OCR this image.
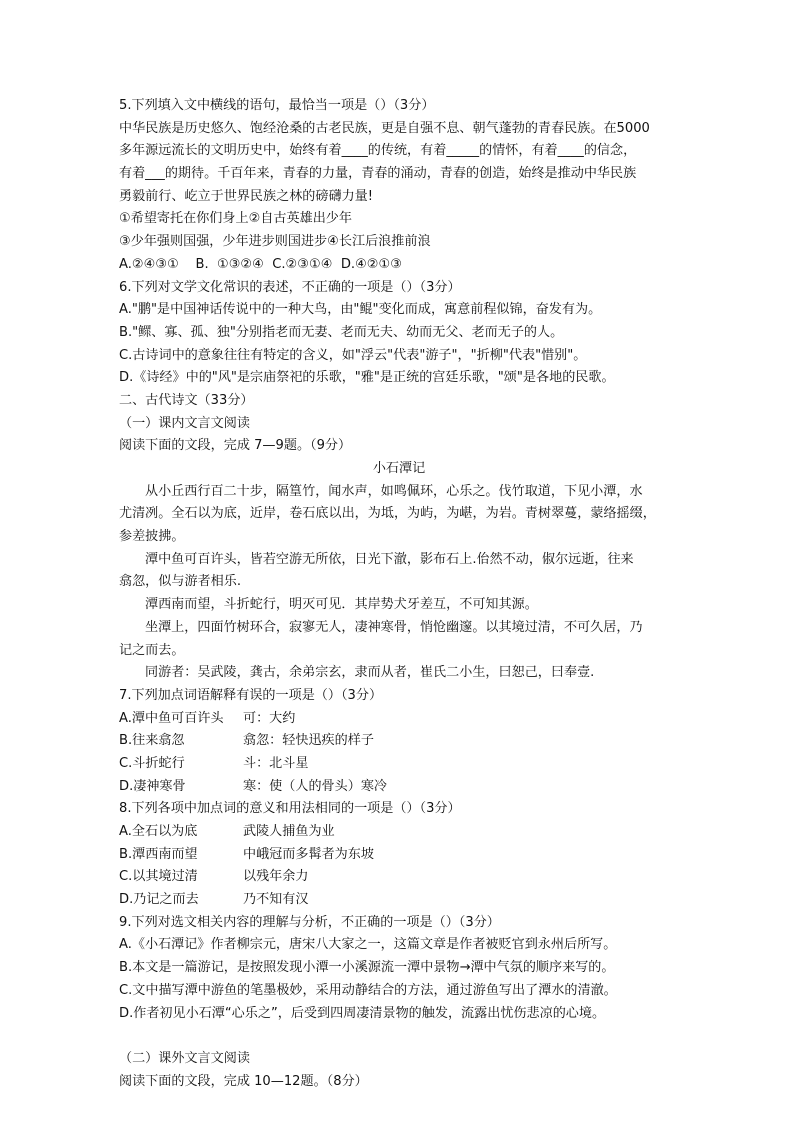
5.下列填入文中横线的语句，最恰当一项是（）（3分）
中华民族是历史悠久、饱经沧桑的古老民族，更是自强不息、朝气蓬勃的青春民族。在5000
多年源远流长的文明历史中，始终有着____的传统，有着_____的情怀，有着____的信念，
有着___的期待。千百年来，青春的力量，青春的涌动，青春的创造，始终是推动中华民族
勇毅前行、屹立于世界民族之林的磅礴力量!
①希望寄托在你们身上②自古英雄出少年
③少年强则国强，少年进步则国进步④长江后浪推前浪
A.②④③①    B.  ①③②④  C.②③①④  D.④②①③
6.下列对文学文化常识的表述，不正确的一项是（）（3分）
A."鹏"是中国神话传说中的一种大鸟，由"鲲"变化而成，寓意前程似锦，奋发有为。
B."鳏、寡、孤、独"分别指老而无妻、老而无夫、幼而无父、老而无子的人。
C.古诗词中的意象往往有特定的含义，如"浮云"代表"游子"，"折柳"代表"惜别"。
D.《诗经》中的"风"是宗庙祭祀的乐歌，"雅"是正统的宫廷乐歌，"颂"是各地的民歌。
二、古代诗文（33分）
（一）课内文言文阅读
阅读下面的文段，完成 7—9题。（9分）
小石潭记
从小丘西行百二十步，隔篁竹，闻水声，如鸣佩环，心乐之。伐竹取道，下见小潭，水
尤清冽。全石以为底，近岸，卷石底以出，为坻，为屿，为嵁，为岩。青树翠蔓，蒙络摇缀，
参差披拂。
潭中鱼可百许头，皆若空游无所依，日光下澈，影布石上.佁然不动，俶尔远逝，往来
翕忽，似与游者相乐.
潭西南而望，斗折蛇行，明灭可见．其岸势犬牙差互，不可知其源。
坐潭上，四面竹树环合，寂寥无人，凄神寒骨，悄怆幽邃。以其境过清，不可久居，乃
记之而去。
同游者：吴武陵，龚古，余弟宗玄，隶而从者，崔氏二小生，曰恕己，曰奉壹.
7.下列加点词语解释有误的一项是（）（3分）
A.潭中鱼可百许头 可：大约
B.往来翕忽	翕忽：轻快迅疾的样子
C.斗折蛇行	斗：北斗星
D.凄神寒骨	寒：使（人的骨头）寒冷
8.下列各项中加点词的意义和用法相同的一项是（）（3分）
A.全石以为底	武陵人捕鱼为业
B.潭西南而望	中峨冠而多髯者为东坡
C.以其境过清	以残年余力
D.乃记之而去	乃不知有汉
9.下列对选文相关内容的理解与分析，不正确的一项是（）（3分）
A.《小石潭记》作者柳宗元，唐宋八大家之一，这篇文章是作者被贬官到永州后所写。
B.本文是一篇游记，是按照发现小潭一小溪源流一潭中景物→潭中气氛的顺序来写的。
C.文中描写潭中游鱼的笔墨极妙，采用动静结合的方法，通过游鱼写出了潭水的清澈。
D.作者初见小石潭“心乐之”，后受到四周凄清景物的触发，流露出忧伤悲凉的心境。
（二）课外文言文阅读
阅读下面的文段，完成 10—12题。（8分）
